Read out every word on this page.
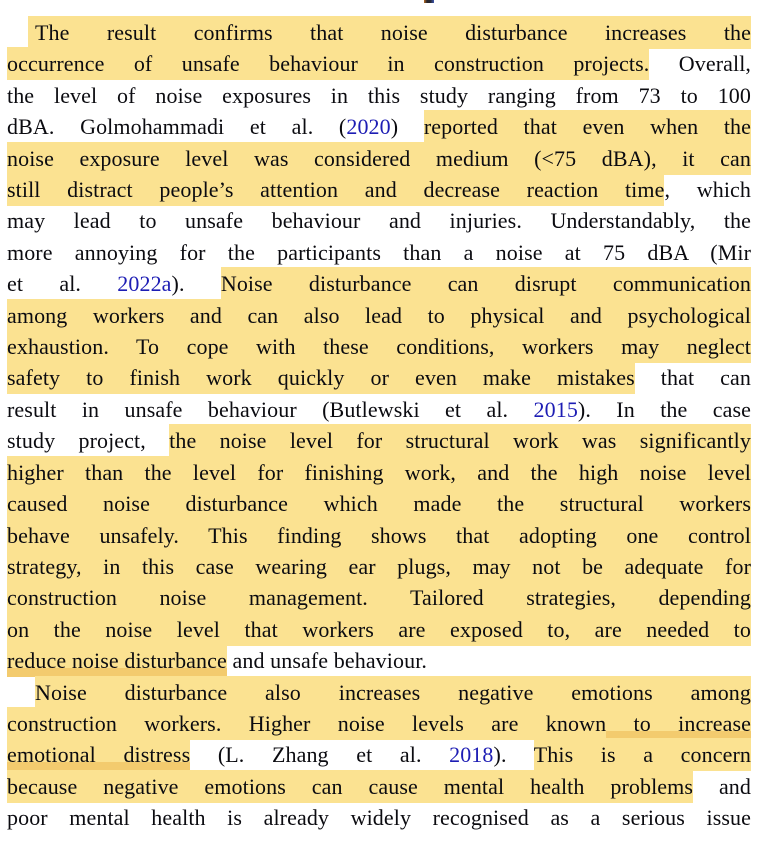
The result confirms that noise disturbance increases the
occurrence of unsafe behaviour in construction projects. Overall,
the level of noise exposures in this study ranging from 73 to 100
dBA. Golmohammadi et al. (2020) reported that even when the
noise exposure level was considered medium (<75 dBA), it can
still distract people’s attention and decrease reaction time, which
may lead to unsafe behaviour and injuries. Understandably, the
more annoying for the participants than a noise at 75 dBA (Mir
et al. 2022a). Noise disturbance can disrupt communication
among workers and can also lead to physical and psychological
exhaustion. To cope with these conditions, workers may neglect
safety to finish work quickly or even make mistakes that can
result in unsafe behaviour (Butlewski et al. 2015). In the case
study project, the noise level for structural work was significantly
higher than the level for finishing work, and the high noise level
caused noise disturbance which made the structural workers
behave unsafely. This finding shows that adopting one control
strategy, in this case wearing ear plugs, may not be adequate for
construction noise management. Tailored strategies, depending
on the noise level that workers are exposed to, are needed to
reduce noise disturbance and unsafe behaviour.
Noise disturbance also increases negative emotions among
construction workers. Higher noise levels are known to increase
emotional distress (L. Zhang et al. 2018). This is a concern
because negative emotions can cause mental health problems and
poor mental health is already widely recognised as a serious issue
